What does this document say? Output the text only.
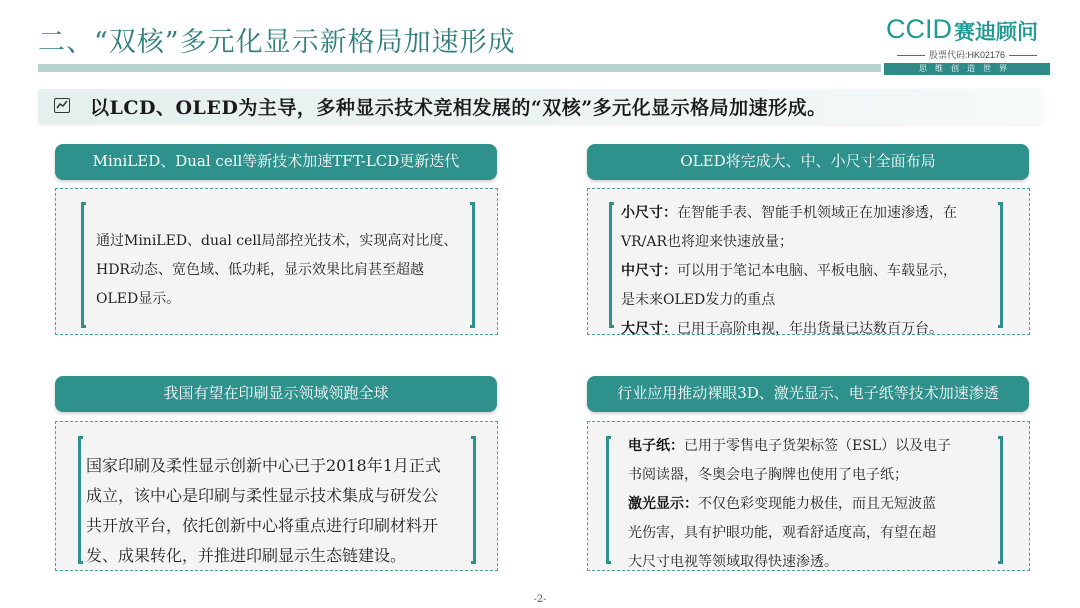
二、“双核”多元化显示新格局加速形成	CCID 赛迪顾问
股票代码:HK02176
思维创造世界
以LCD、OLED为主导，多种显示技术竞相发展的“双核”多元化显示格局加速形成。
MiniLED、Dual cell等新技术加速TFT-LCD更新迭代
通过MiniLED、dual cell局部控光技术，实现高对比度、
HDR动态、宽色域、低功耗，显示效果比肩甚至超越
OLED显示。
OLED将完成大、中、小尺寸全面布局
小尺寸：在智能手表、智能手机领域正在加速渗透，在
VR/AR也将迎来快速放量；
中尺寸：可以用于笔记本电脑、平板电脑、车载显示，
是未来OLED发力的重点
大尺寸：已用于高阶电视，年出货量已达数百万台。
我国有望在印刷显示领域领跑全球
国家印刷及柔性显示创新中心已于2018年1月正式
成立，该中心是印刷与柔性显示技术集成与研发公
共开放平台，依托创新中心将重点进行印刷材料开
发、成果转化，并推进印刷显示生态链建设。
行业应用推动裸眼3D、激光显示、电子纸等技术加速渗透
电子纸：已用于零售电子货架标签（ESL）以及电子
书阅读器，冬奥会电子胸牌也使用了电子纸；
激光显示：不仅色彩变现能力极佳，而且无短波蓝
光伤害，具有护眼功能，观看舒适度高，有望在超
大尺寸电视等领域取得快速渗透。
-2-
